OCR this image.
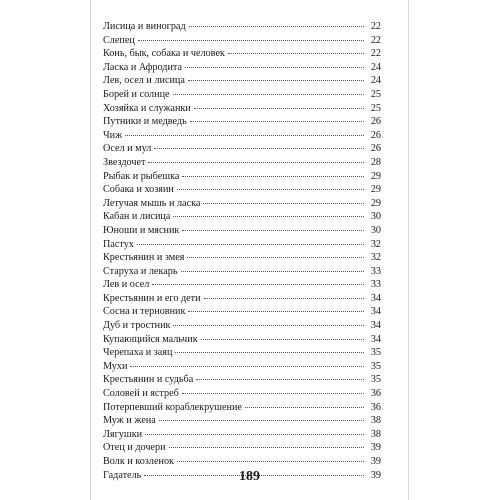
Лисица и виноград	22
Слепец	22
Конь, бык, собака и человек	22
Ласка и Афродита	24
Лев, осел и лисица	24
Борей и солнце	25
Хозяйка и служанки	25
Путники и медведь	26
Чиж	26
Осел и мул	26
Звездочет	28
Рыбак и рыбешка	29
Собака и хозяин	29
Летучая мышь и ласка	29
Кабан и лисица	30
Юноши и мясник	30
Пастух	32
Крестьянин и змея	32
Старуха и лекарь	33
Лев и осел	33
Крестьянин и его дети	34
Сосна и терновник	34
Дуб и тростник	34
Купающийся мальчик	34
Черепаха и заяц	35
Мухи	35
Крестьянин и судьба	35
Соловей и ястреб	36
Потерпевший кораблекрушение	36
Муж и жена	38
Лягушки	38
Отец и дочери	39
Волк и козленок	39
Гадатель	39
189
